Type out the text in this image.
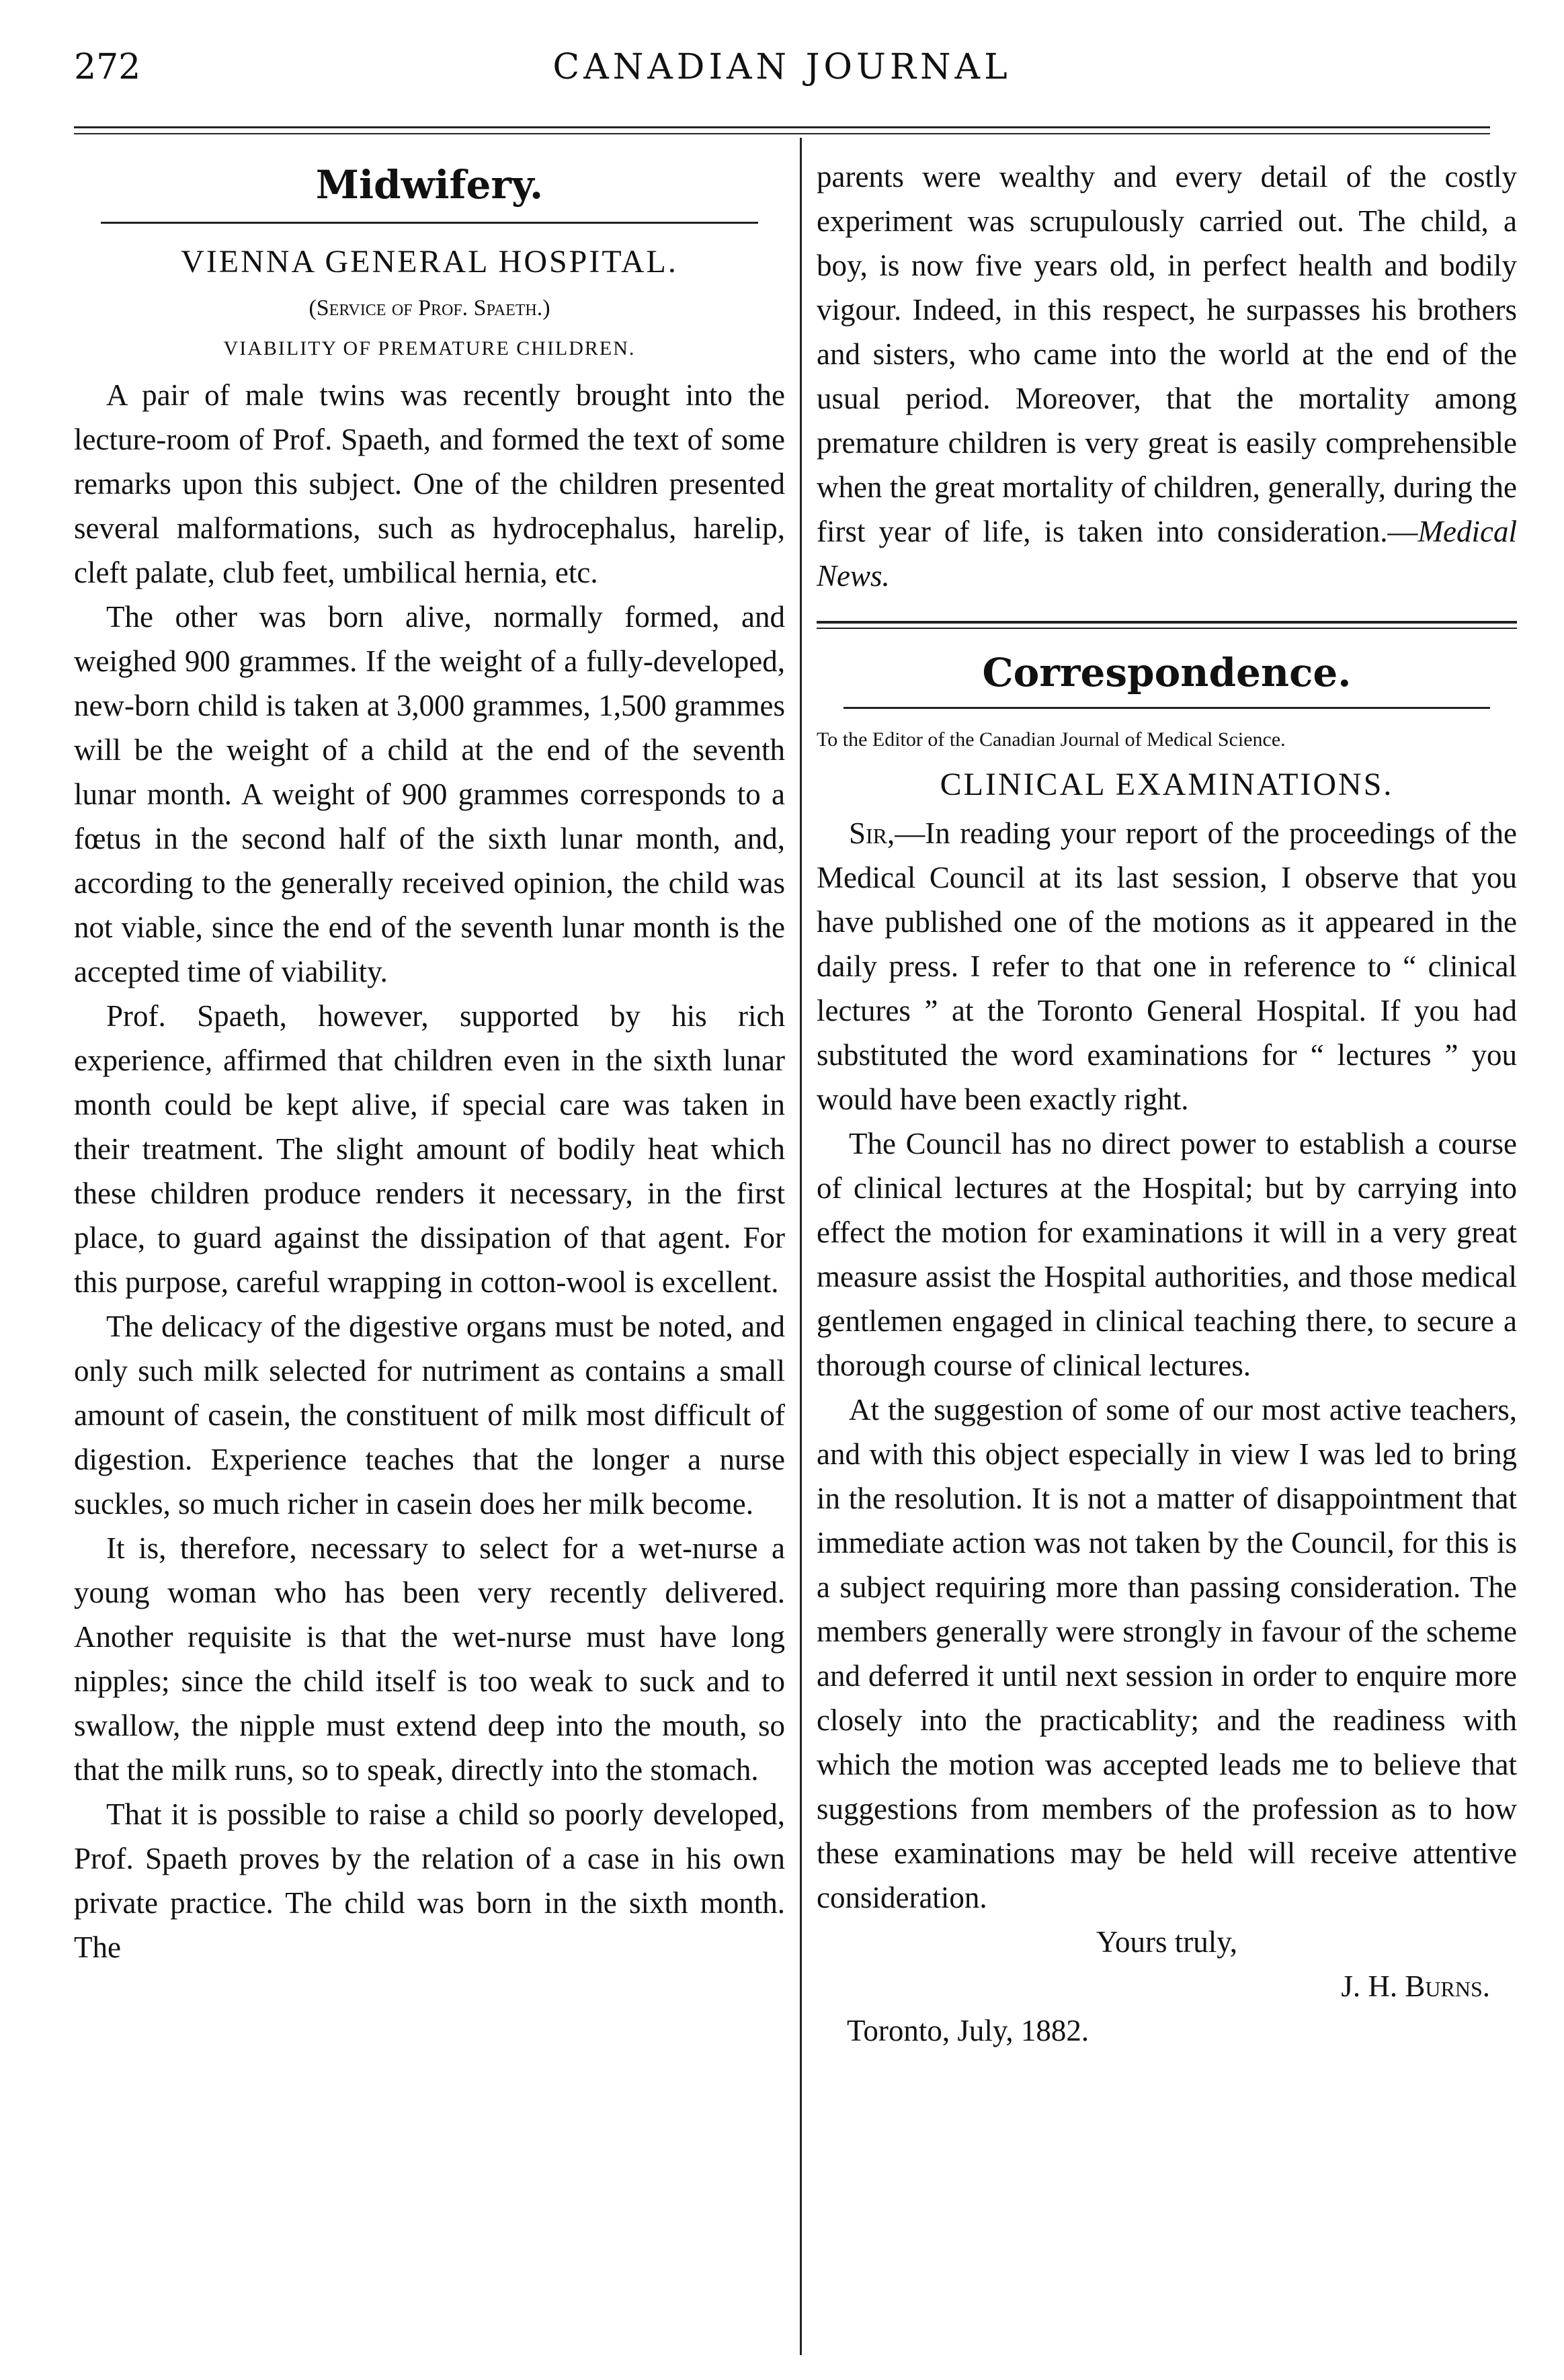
272	CANADIAN JOURNAL
Midwifery.

VIENNA GENERAL HOSPITAL.

(Service of Prof. Spaeth.)

VIABILITY OF PREMATURE CHILDREN.

A pair of male twins was recently brought into the lecture-room of Prof. Spaeth, and formed the text of some remarks upon this subject. One of the children presented several malformations, such as hydrocephalus, harelip, cleft palate, club feet, umbilical hernia, etc.

The other was born alive, normally formed, and weighed 900 grammes. If the weight of a fully-developed, new-born child is taken at 3,000 grammes, 1,500 grammes will be the weight of a child at the end of the seventh lunar month. A weight of 900 grammes corresponds to a fœtus in the second half of the sixth lunar month, and, according to the generally received opinion, the child was not viable, since the end of the seventh lunar month is the accepted time of viability.

Prof. Spaeth, however, supported by his rich experience, affirmed that children even in the sixth lunar month could be kept alive, if special care was taken in their treatment. The slight amount of bodily heat which these children produce renders it necessary, in the first place, to guard against the dissipation of that agent. For this purpose, careful wrapping in cotton-wool is excellent.

The delicacy of the digestive organs must be noted, and only such milk selected for nutriment as contains a small amount of casein, the constituent of milk most difficult of digestion. Experience teaches that the longer a nurse suckles, so much richer in casein does her milk become.

It is, therefore, necessary to select for a wet-nurse a young woman who has been very recently delivered. Another requisite is that the wet-nurse must have long nipples; since the child itself is too weak to suck and to swallow, the nipple must extend deep into the mouth, so that the milk runs, so to speak, directly into the stomach.

That it is possible to raise a child so poorly developed, Prof. Spaeth proves by the relation of a case in his own private practice. The child was born in the sixth month. The

parents were wealthy and every detail of the costly experiment was scrupulously carried out. The child, a boy, is now five years old, in perfect health and bodily vigour. Indeed, in this respect, he surpasses his brothers and sisters, who came into the world at the end of the usual period. Moreover, that the mortality among premature children is very great is easily comprehensible when the great mortality of children, generally, during the first year of life, is taken into consideration.—Medical News.

Correspondence.

To the Editor of the Canadian Journal of Medical Science.

CLINICAL EXAMINATIONS.

Sir,—In reading your report of the proceedings of the Medical Council at its last session, I observe that you have published one of the motions as it appeared in the daily press. I refer to that one in reference to “ clinical lectures ” at the Toronto General Hospital. If you had substituted the word examinations for “ lectures ” you would have been exactly right.

The Council has no direct power to establish a course of clinical lectures at the Hospital; but by carrying into effect the motion for examinations it will in a very great measure assist the Hospital authorities, and those medical gentlemen engaged in clinical teaching there, to secure a thorough course of clinical lectures.

At the suggestion of some of our most active teachers, and with this object especially in view I was led to bring in the resolution. It is not a matter of disappointment that immediate action was not taken by the Council, for this is a subject requiring more than passing consideration. The members generally were strongly in favour of the scheme and deferred it until next session in order to enquire more closely into the practicablity; and the readiness with which the motion was accepted leads me to believe that suggestions from members of the profession as to how these examinations may be held will receive attentive consideration.

Yours truly,

J. H. Burns.

Toronto, July, 1882.
